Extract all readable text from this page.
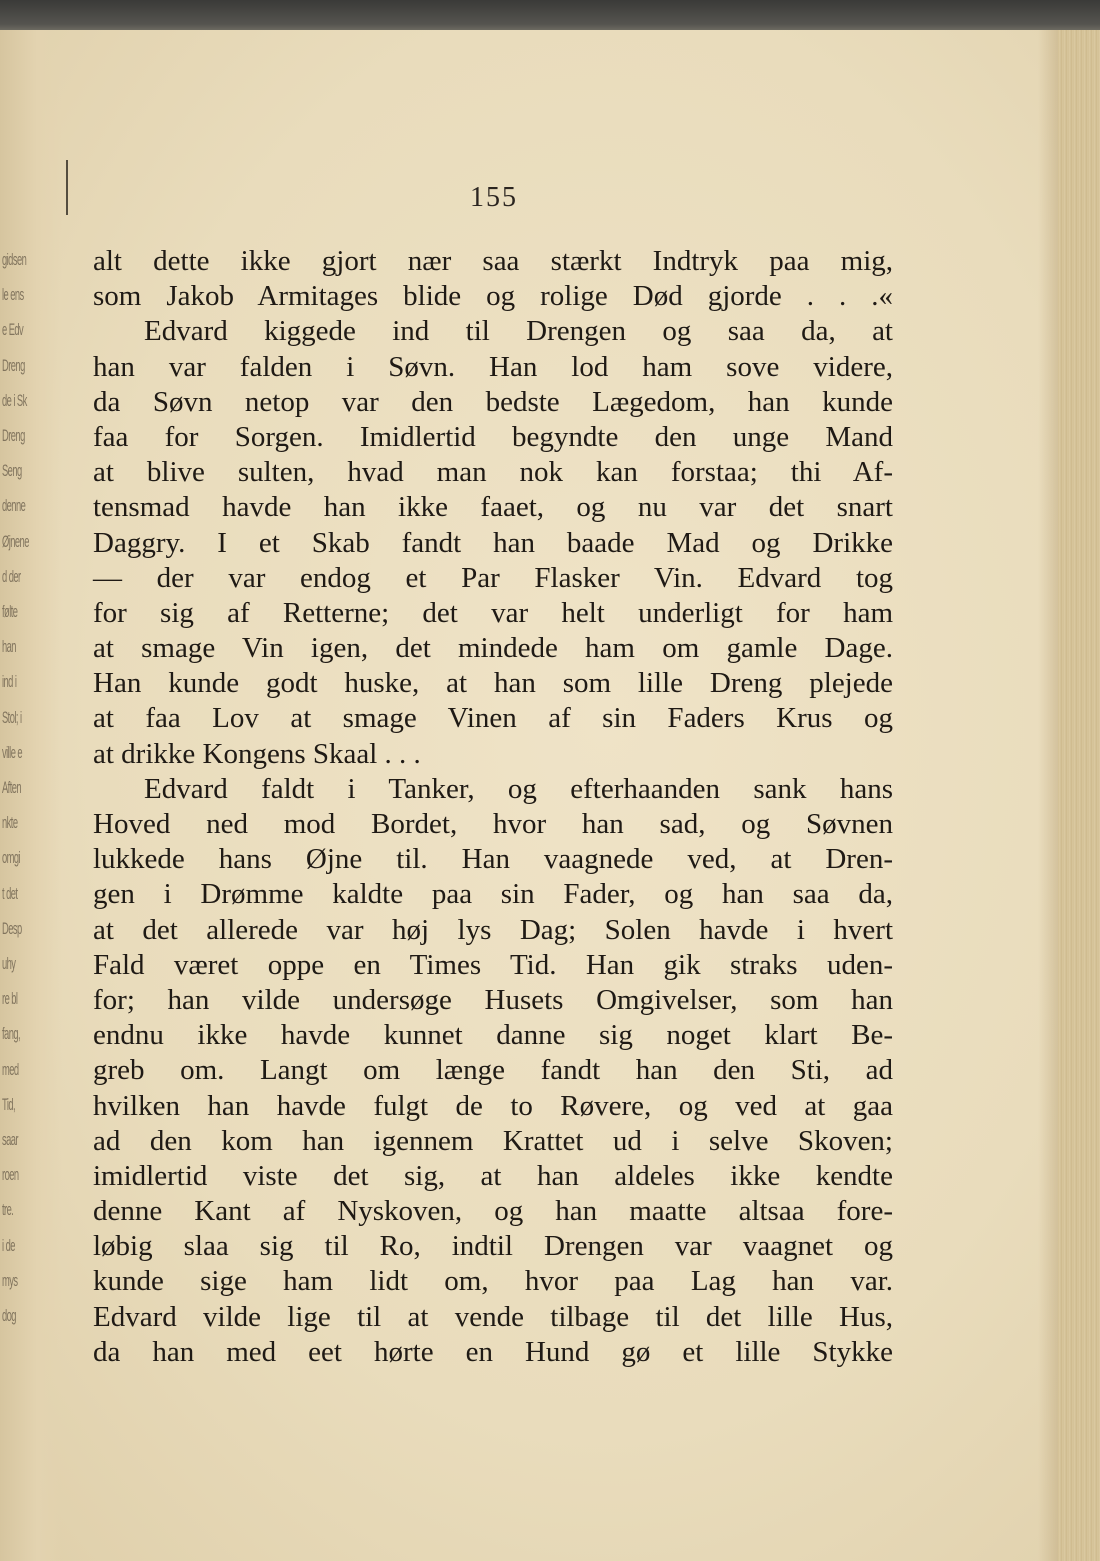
gidsen
le ens
e Edv
Dreng
de i Sk
Dreng
Seng
denne
Øjnene
d der
følte
han
ind i
Stol; i
ville e
Aften
nkte
omgi
t det
Desp
uhy
re bl
fang,
med
Tid,
saar
roen
tre.
i de
mys
dog
155
alt dette ikke gjort nær saa stærkt Indtryk paa mig,
som Jakob Armitages blide og rolige Død gjorde . . .«
Edvard kiggede ind til Drengen og saa da, at
han var falden i Søvn. Han lod ham sove videre,
da Søvn netop var den bedste Lægedom, han kunde
faa for Sorgen. Imidlertid begyndte den unge Mand
at blive sulten, hvad man nok kan forstaa; thi Af-
tensmad havde han ikke faaet, og nu var det snart
Daggry. I et Skab fandt han baade Mad og Drikke
— der var endog et Par Flasker Vin. Edvard tog
for sig af Retterne; det var helt underligt for ham
at smage Vin igen, det mindede ham om gamle Dage.
Han kunde godt huske, at han som lille Dreng plejede
at faa Lov at smage Vinen af sin Faders Krus og
at drikke Kongens Skaal . . .
Edvard faldt i Tanker, og efterhaanden sank hans
Hoved ned mod Bordet, hvor han sad, og Søvnen
lukkede hans Øjne til. Han vaagnede ved, at Dren-
gen i Drømme kaldte paa sin Fader, og han saa da,
at det allerede var høj lys Dag; Solen havde i hvert
Fald været oppe en Times Tid. Han gik straks uden-
for; han vilde undersøge Husets Omgivelser, som han
endnu ikke havde kunnet danne sig noget klart Be-
greb om. Langt om længe fandt han den Sti, ad
hvilken han havde fulgt de to Røvere, og ved at gaa
ad den kom han igennem Krattet ud i selve Skoven;
imidlertid viste det sig, at han aldeles ikke kendte
denne Kant af Nyskoven, og han maatte altsaa fore-
løbig slaa sig til Ro, indtil Drengen var vaagnet og
kunde sige ham lidt om, hvor paa Lag han var.
Edvard vilde lige til at vende tilbage til det lille Hus,
da han med eet hørte en Hund gø et lille Stykke
